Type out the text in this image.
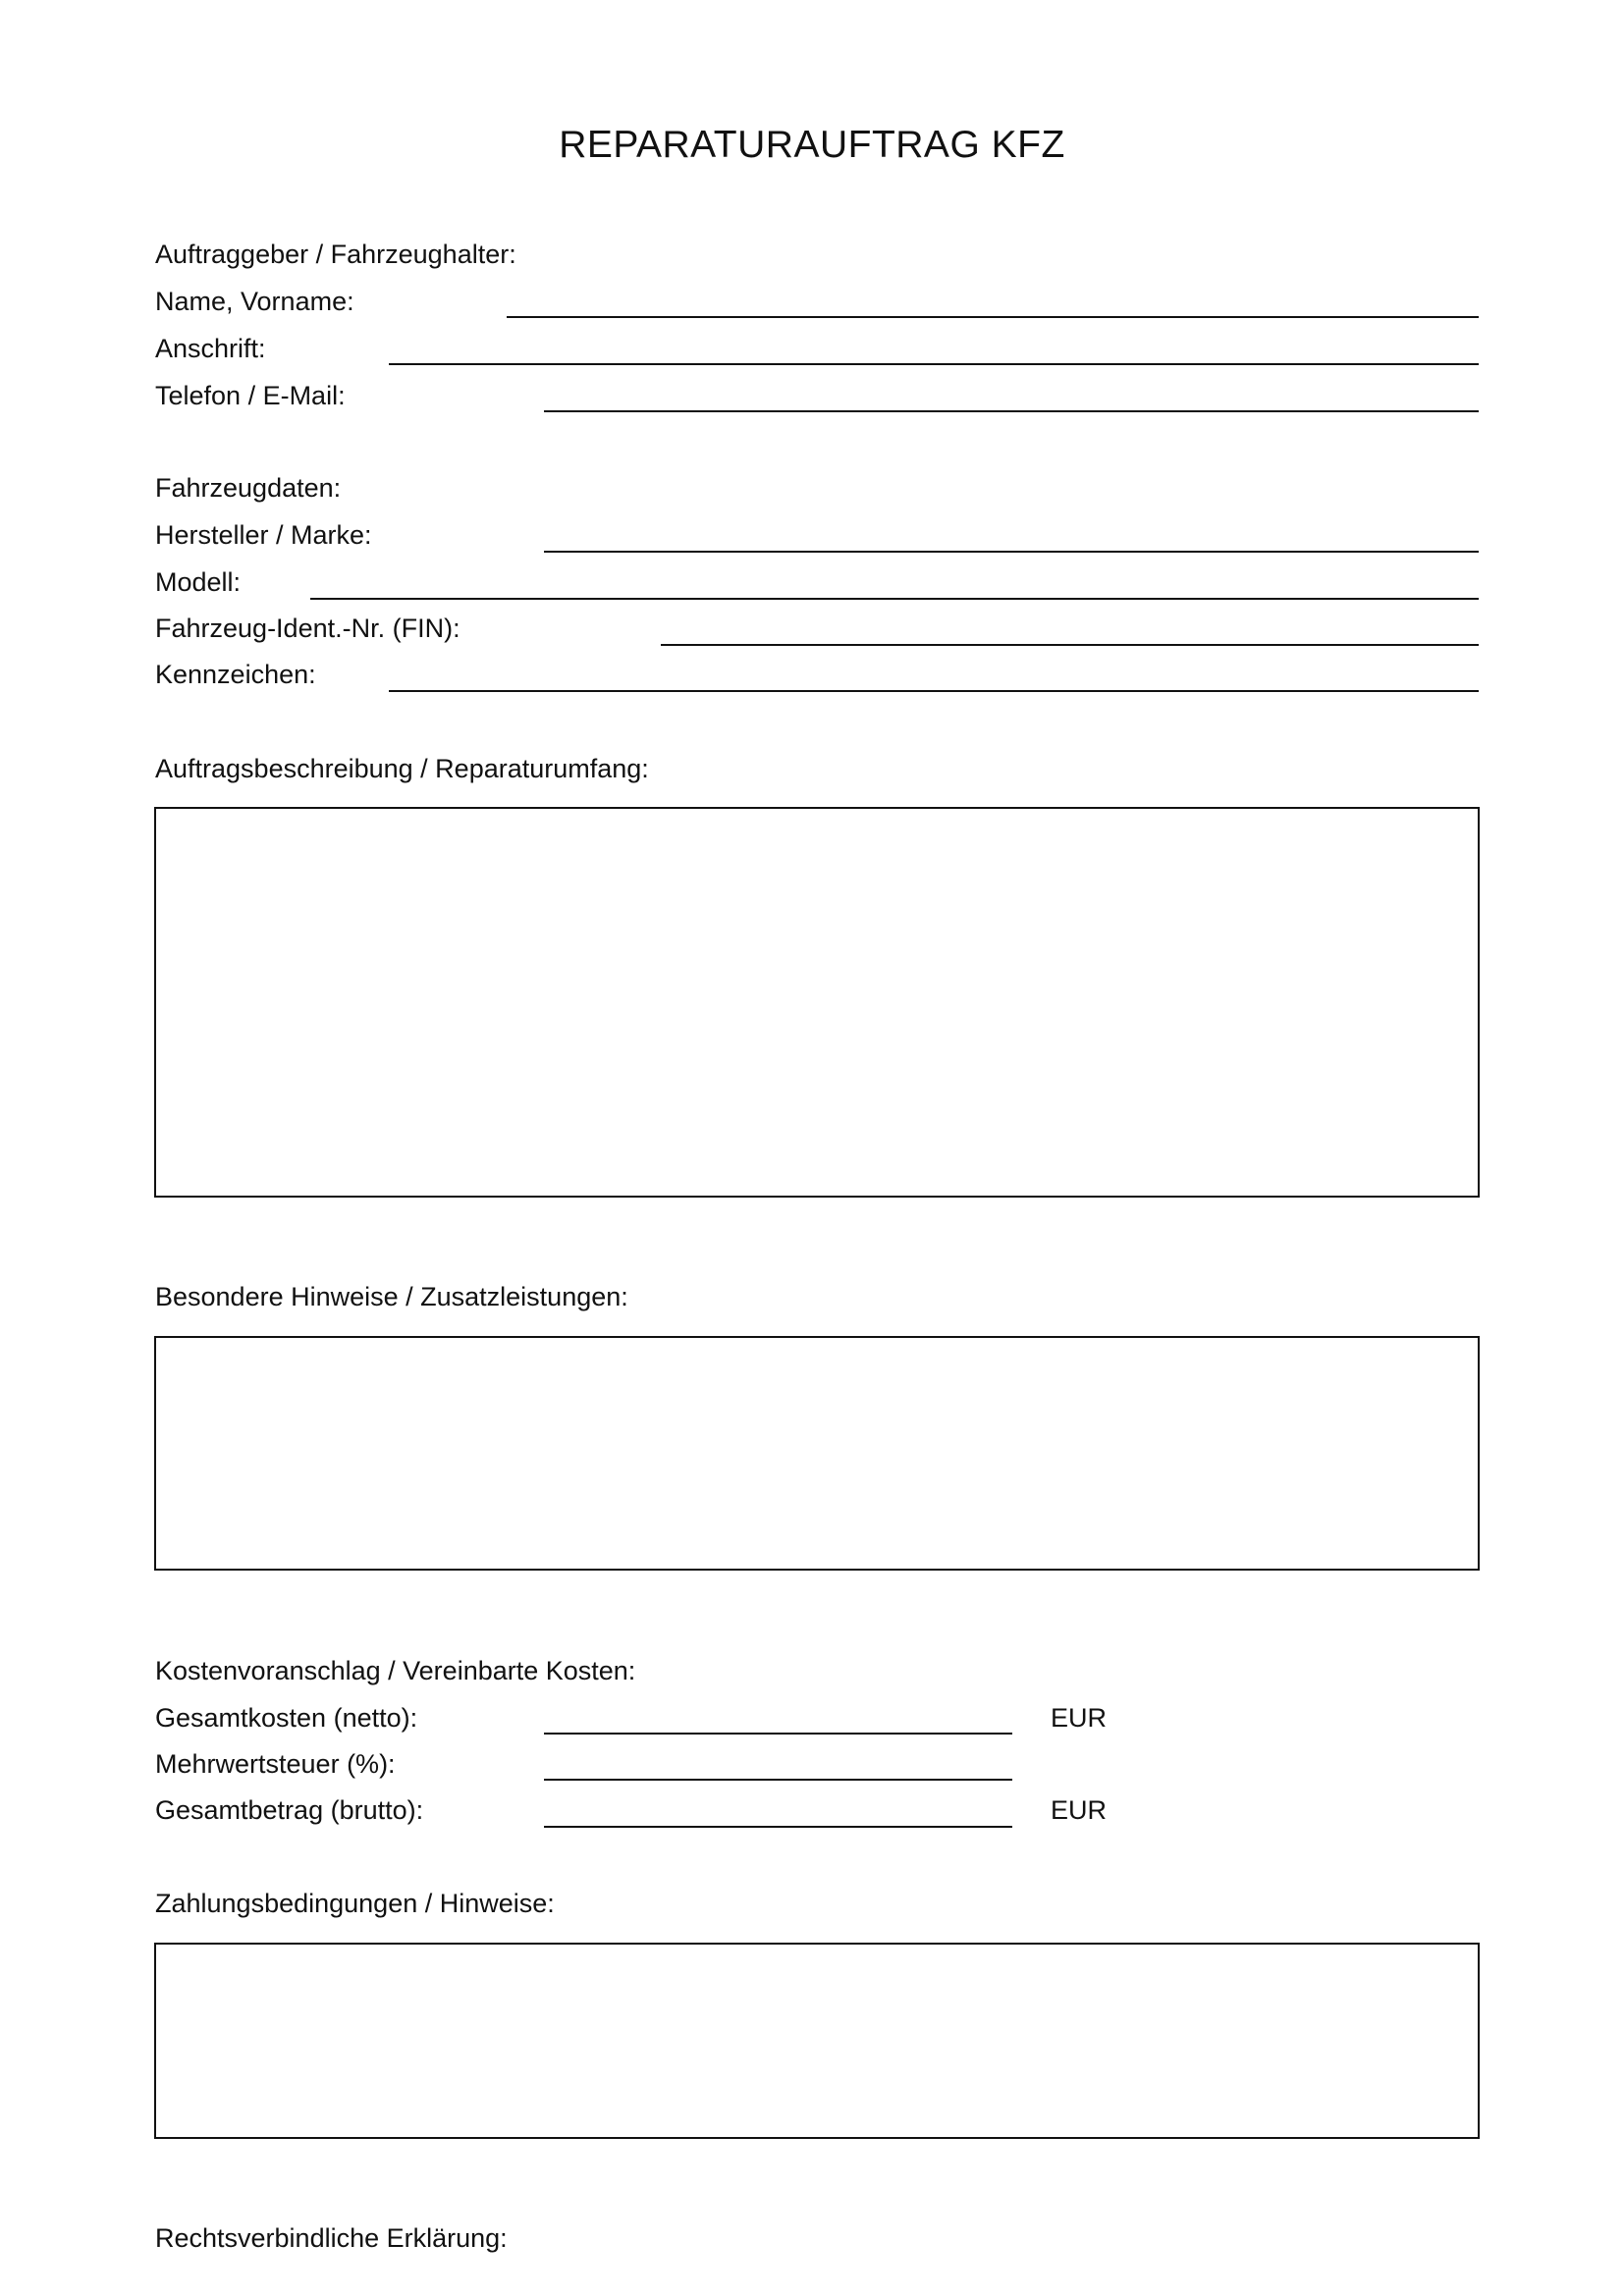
REPARATURAUFTRAG KFZ
Auftraggeber / Fahrzeughalter:
Name, Vorname:
Anschrift:
Telefon / E-Mail:
Fahrzeugdaten:
Hersteller / Marke:
Modell:
Fahrzeug-Ident.-Nr. (FIN):
Kennzeichen:
Auftragsbeschreibung / Reparaturumfang:
Besondere Hinweise / Zusatzleistungen:
Kostenvoranschlag / Vereinbarte Kosten:
Gesamtkosten (netto):	EUR
Mehrwertsteuer (%):
Gesamtbetrag (brutto):	EUR
Zahlungsbedingungen / Hinweise:
Rechtsverbindliche Erklärung:
